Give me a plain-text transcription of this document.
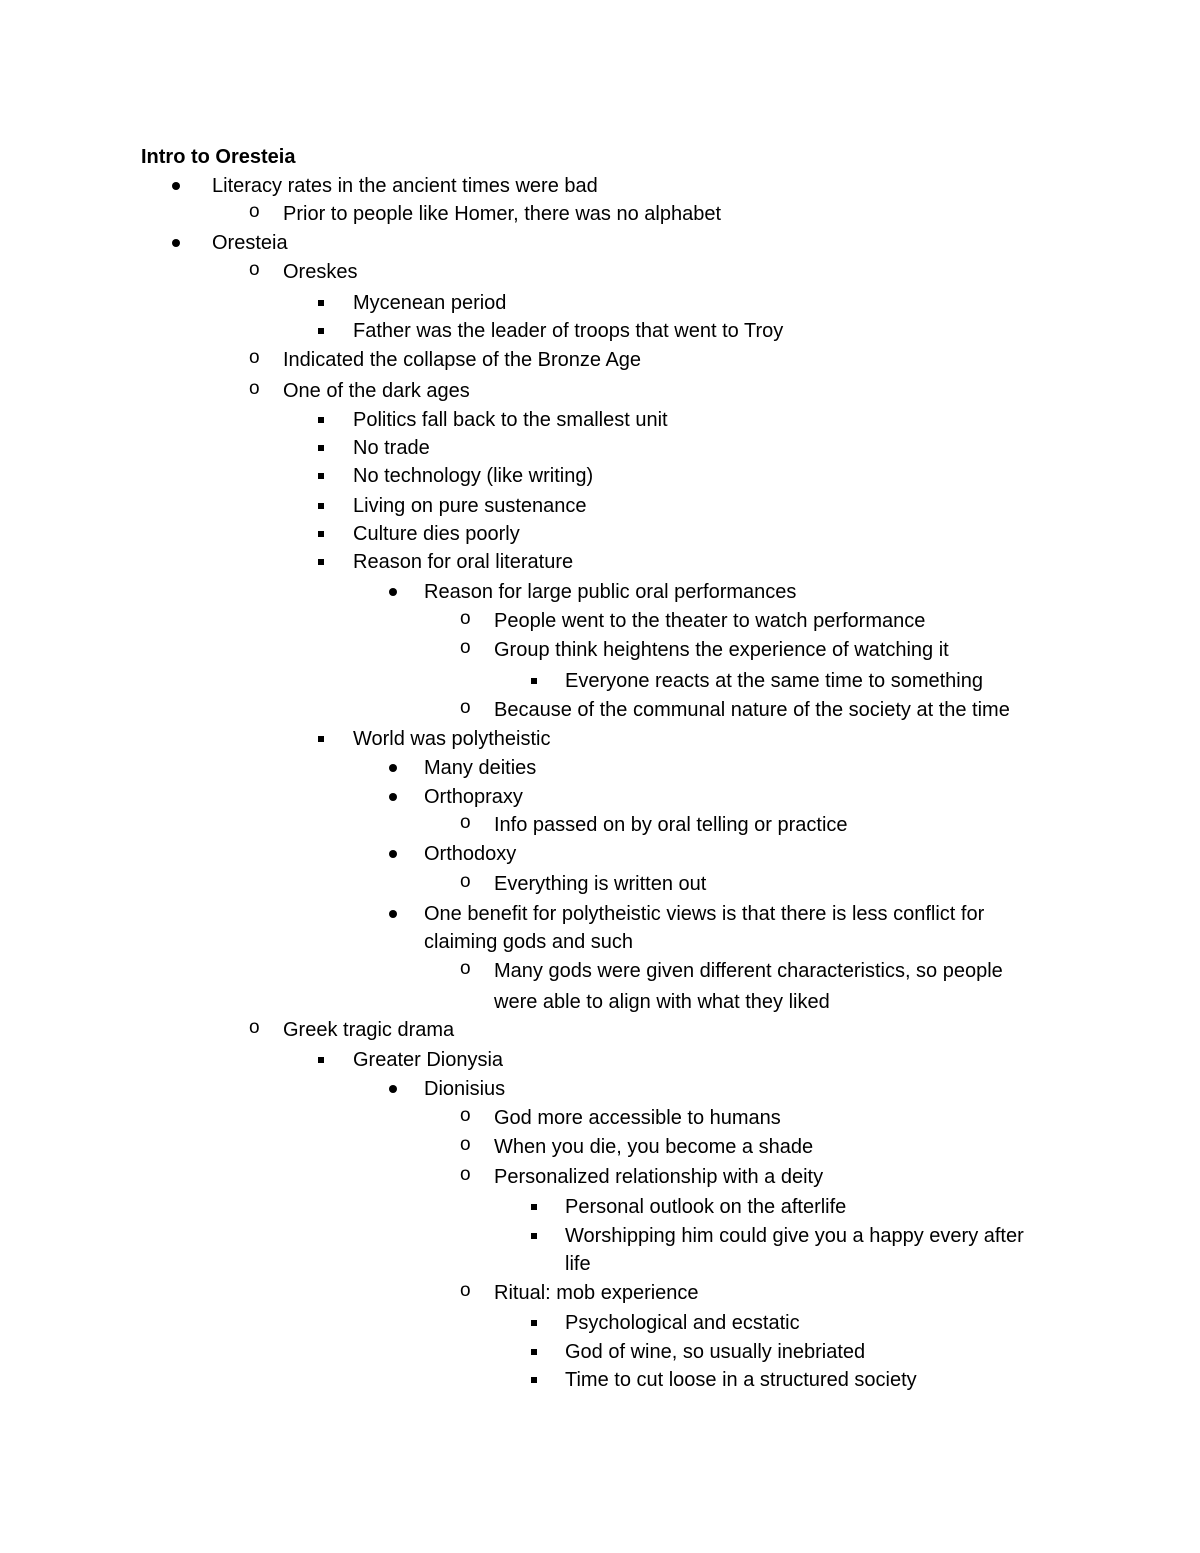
Intro to Oresteia
Literacy rates in the ancient times were bad
o Prior to people like Homer, there was no alphabet
Oresteia
o Oreskes
Mycenean period
Father was the leader of troops that went to Troy
o Indicated the collapse of the Bronze Age
o One of the dark ages
Politics fall back to the smallest unit
No trade
No technology (like writing)
Living on pure sustenance
Culture dies poorly
Reason for oral literature
Reason for large public oral performances
o People went to the theater to watch performance
o Group think heightens the experience of watching it
Everyone reacts at the same time to something
o Because of the communal nature of the society at the time
World was polytheistic
Many deities
Orthopraxy
o Info passed on by oral telling or practice
Orthodoxy
o Everything is written out
One benefit for polytheistic views is that there is less conflict for
claiming gods and such
o Many gods were given different characteristics, so people
were able to align with what they liked
o Greek tragic drama
Greater Dionysia
Dionisius
o God more accessible to humans
o When you die, you become a shade
o Personalized relationship with a deity
Personal outlook on the afterlife
Worshipping him could give you a happy every after
life
o Ritual: mob experience
Psychological and ecstatic
God of wine, so usually inebriated
Time to cut loose in a structured society
